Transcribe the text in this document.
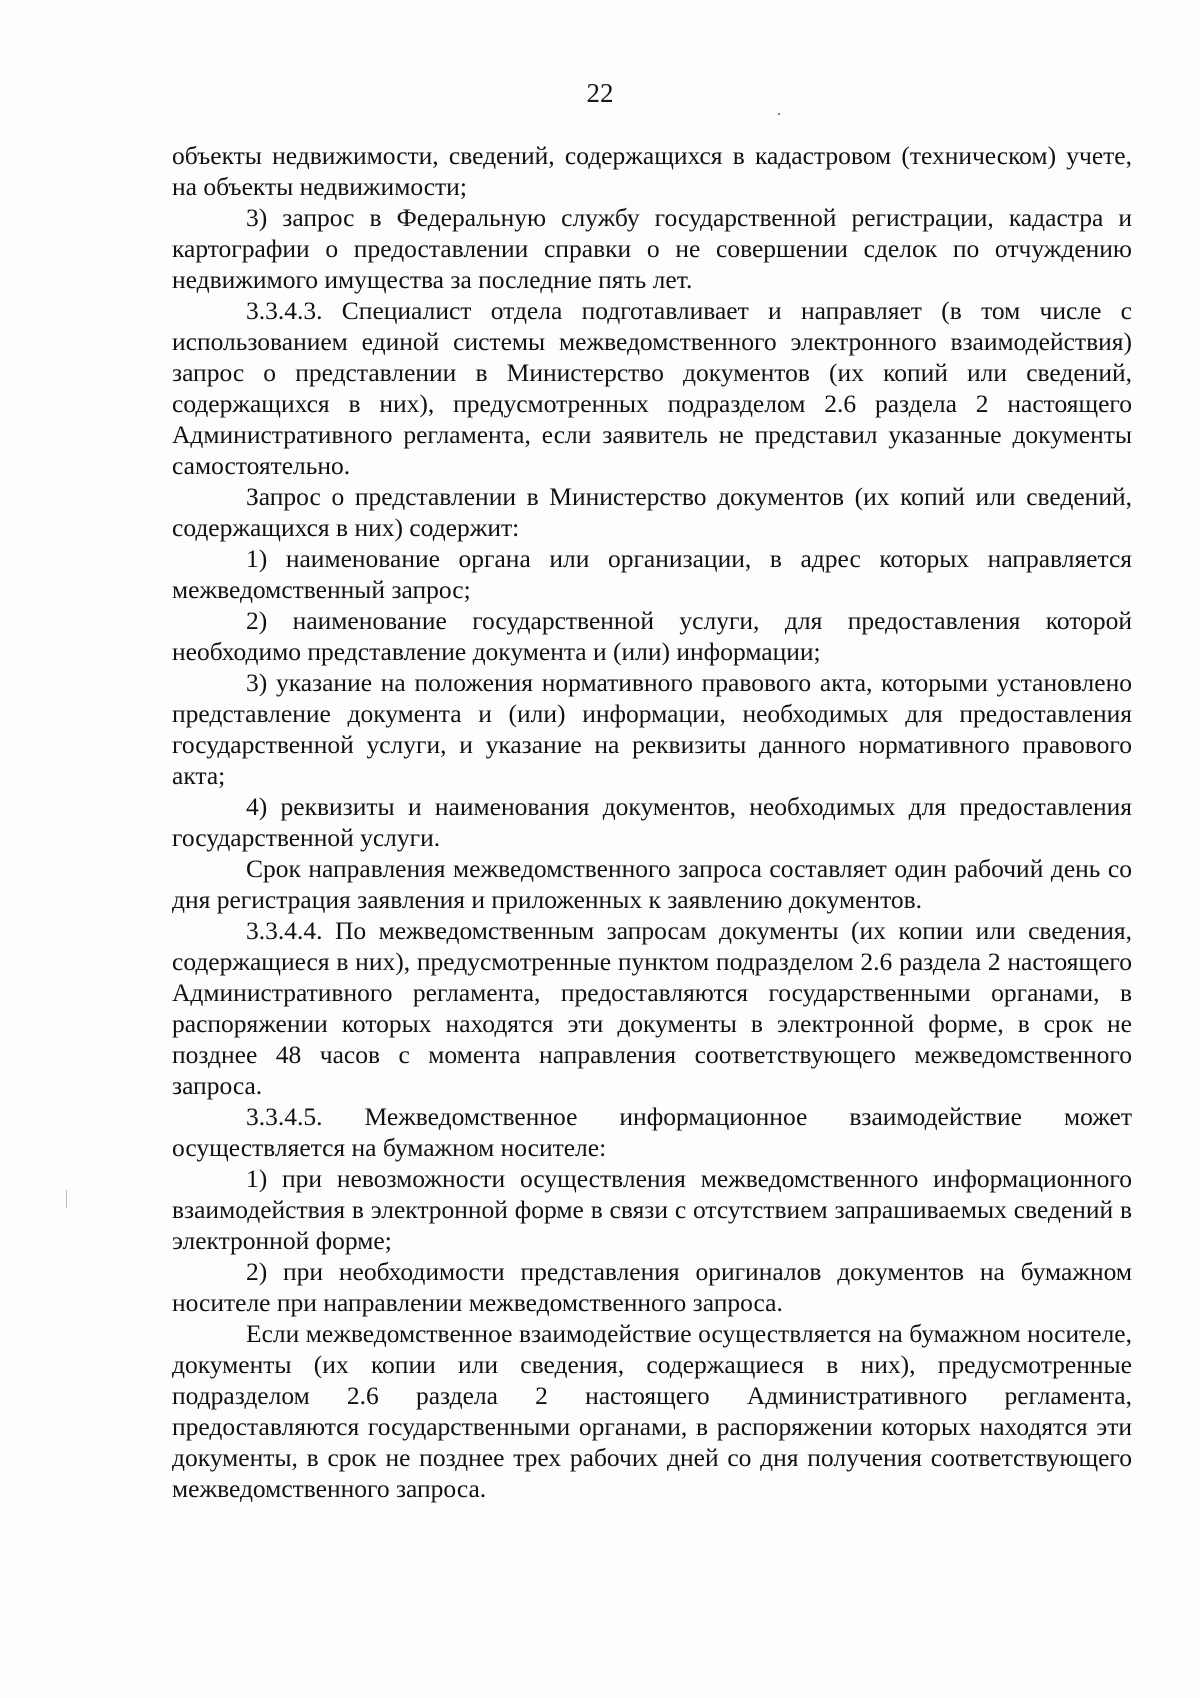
22

объекты недвижимости, сведений, содержащихся в кадастровом (техническом) учете, на объекты недвижимости;

3) запрос в Федеральную службу государственной регистрации, кадастра и картографии о предоставлении справки о не совершении сделок по отчуждению недвижимого имущества за последние пять лет.

3.3.4.3. Специалист отдела подготавливает и направляет (в том числе с использованием единой системы межведомственного электронного взаимодействия) запрос о представлении в Министерство документов (их копий или сведений, содержащихся в них), предусмотренных подразделом 2.6 раздела 2 настоящего Административного регламента, если заявитель не представил указанные документы самостоятельно.

Запрос о представлении в Министерство документов (их копий или сведений, содержащихся в них) содержит:

1) наименование органа или организации, в адрес которых направляется межведомственный запрос;

2) наименование государственной услуги, для предоставления которой необходимо представление документа и (или) информации;

3) указание на положения нормативного правового акта, которыми установлено представление документа и (или) информации, необходимых для предоставления государственной услуги, и указание на реквизиты данного нормативного правового акта;

4) реквизиты и наименования документов, необходимых для предоставления государственной услуги.

Срок направления межведомственного запроса составляет один рабочий день со дня регистрация заявления и приложенных к заявлению документов.

3.3.4.4. По межведомственным запросам документы (их копии или сведения, содержащиеся в них), предусмотренные пунктом подразделом 2.6 раздела 2 настоящего Административного регламента, предоставляются государственными органами, в распоряжении которых находятся эти документы в электронной форме, в срок не позднее 48 часов с момента направления соответствующего межведомственного запроса.

3.3.4.5. Межведомственное информационное взаимодействие может осуществляется на бумажном носителе:

1) при невозможности осуществления межведомственного информационного взаимодействия в электронной форме в связи с отсутствием запрашиваемых сведений в электронной форме;

2) при необходимости представления оригиналов документов на бумажном носителе при направлении межведомственного запроса.

Если межведомственное взаимодействие осуществляется на бумажном носителе, документы (их копии или сведения, содержащиеся в них), предусмотренные подразделом 2.6 раздела 2 настоящего Административного регламента, предоставляются государственными органами, в распоряжении которых находятся эти документы, в срок не позднее трех рабочих дней со дня получения соответствующего межведомственного запроса.
